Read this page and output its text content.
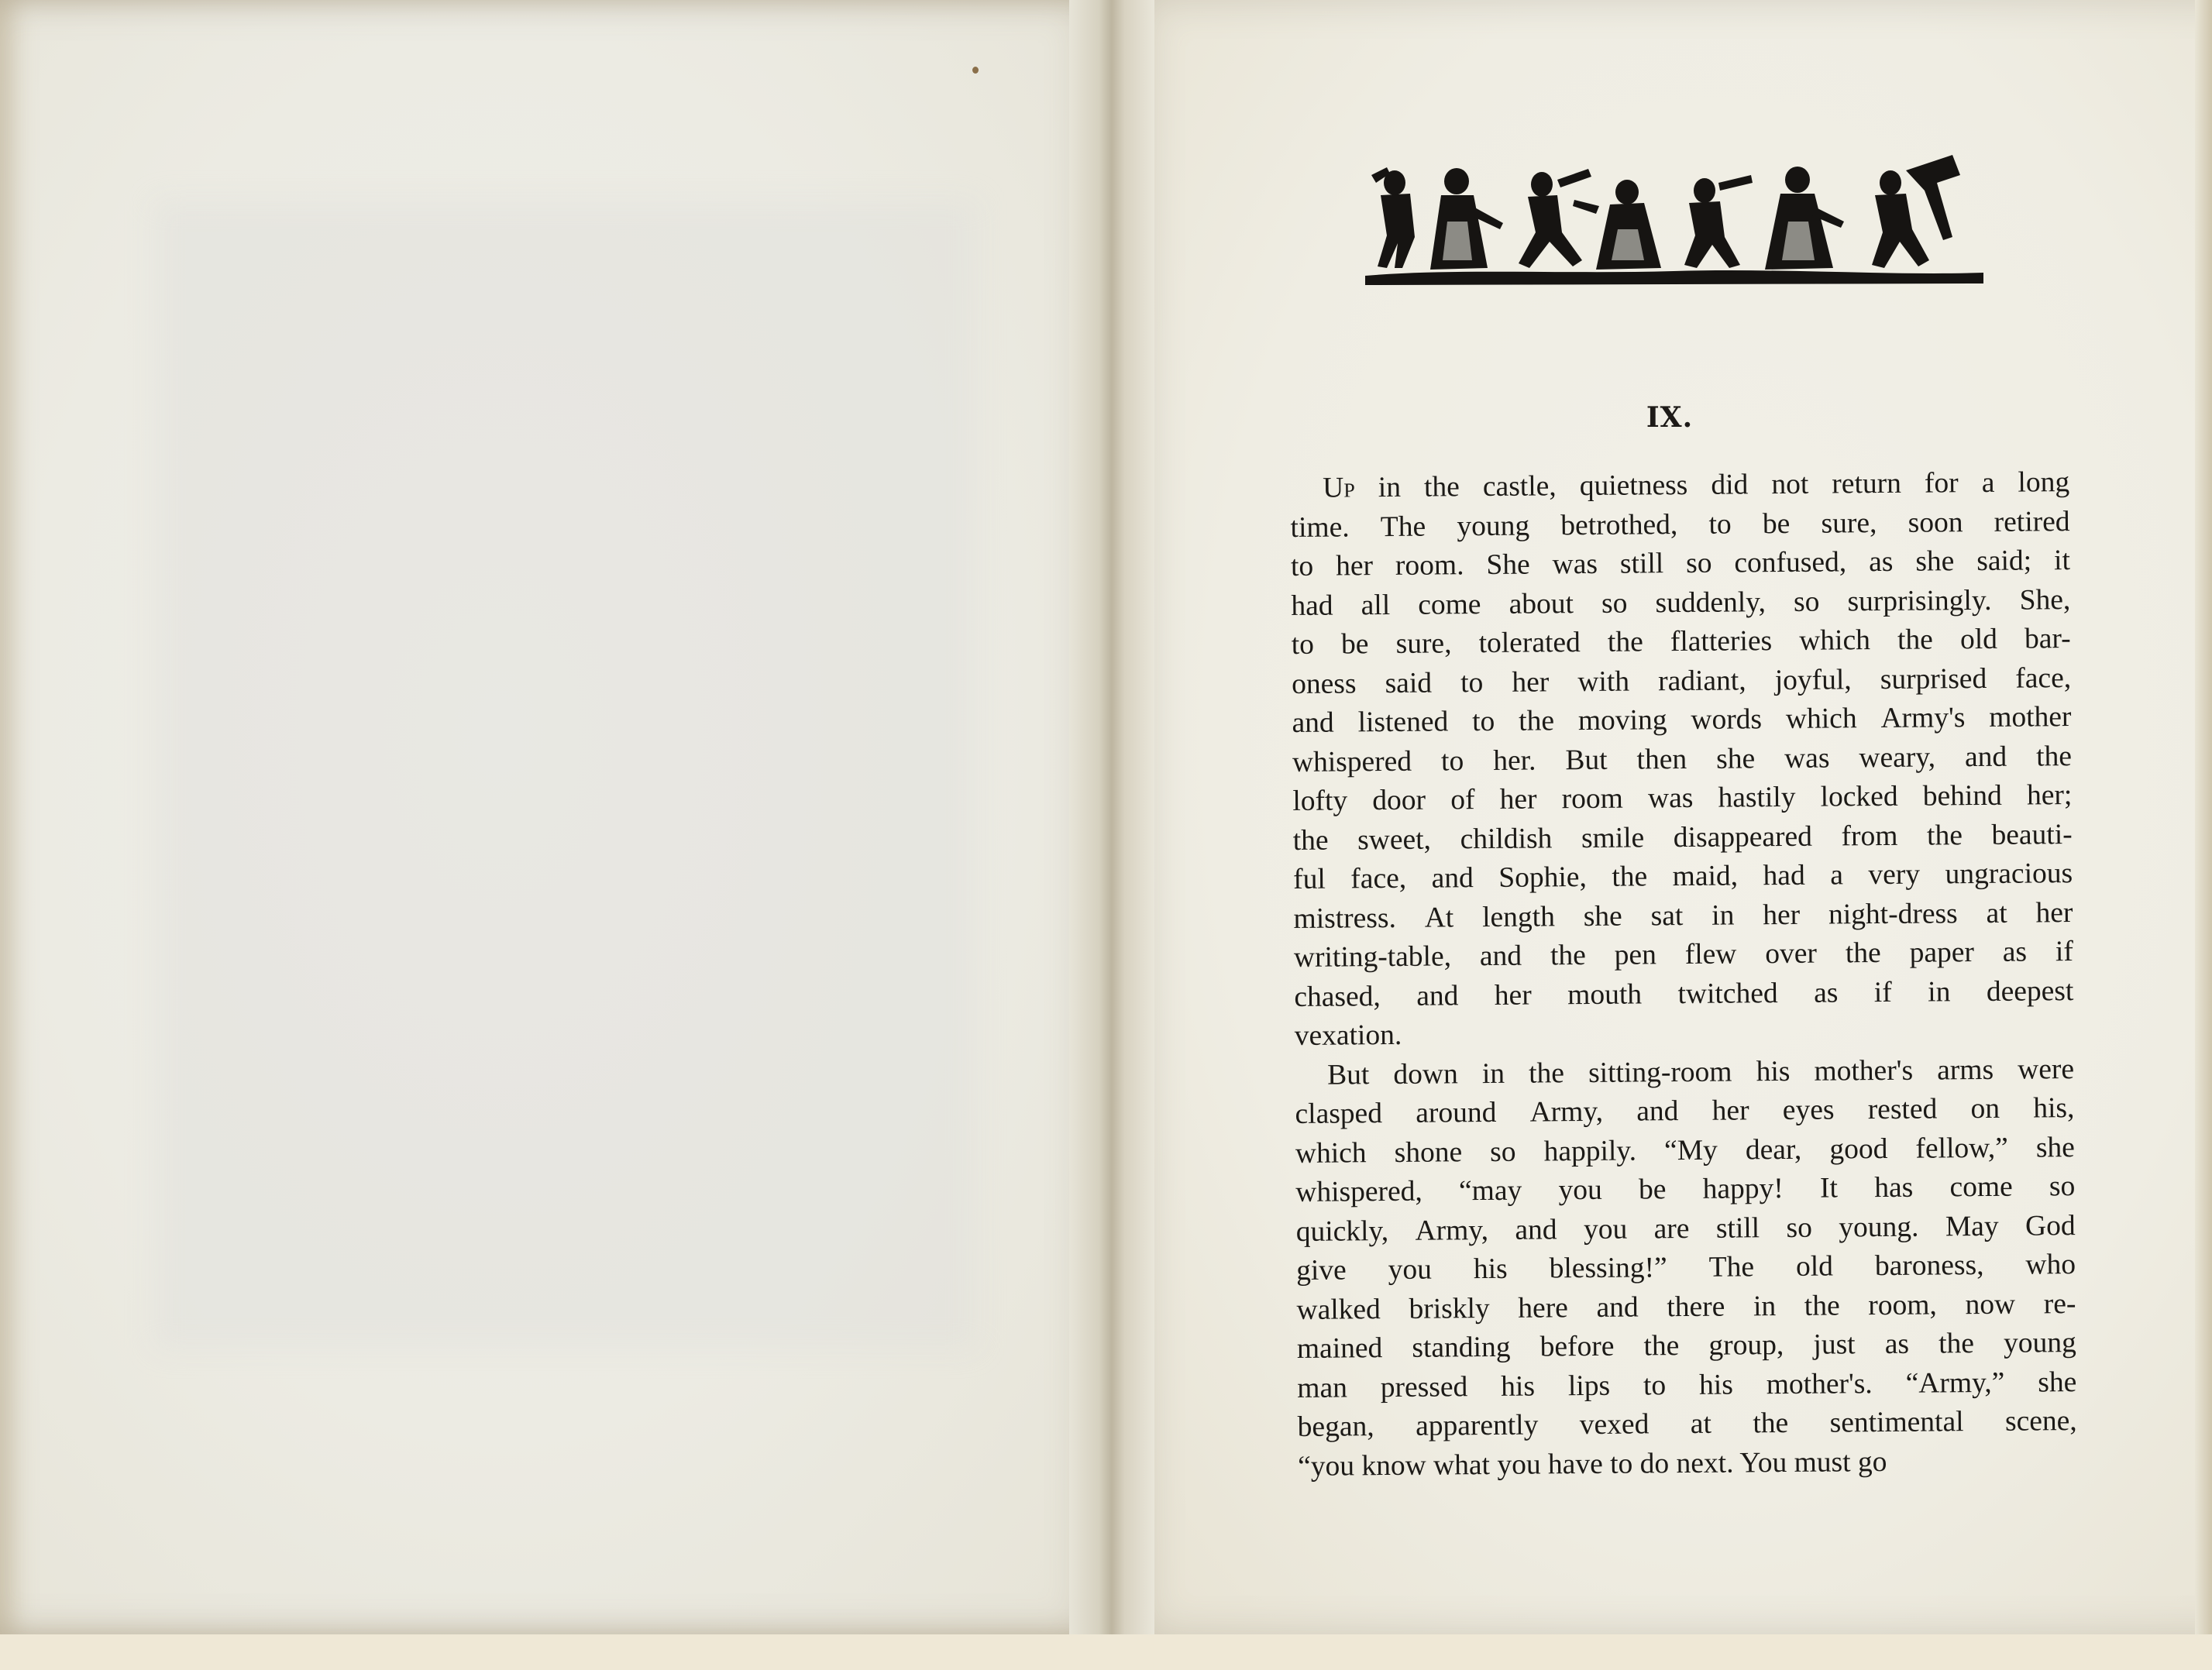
IX.
Up in the castle, quietness did not return for a long
time. The young betrothed, to be sure, soon retired
to her room. She was still so confused, as she said; it
had all come about so suddenly, so surprisingly. She,
to be sure, tolerated the flatteries which the old bar-
oness said to her with radiant, joyful, surprised face,
and listened to the moving words which Army's mother
whispered to her. But then she was weary, and the
lofty door of her room was hastily locked behind her;
the sweet, childish smile disappeared from the beauti-
ful face, and Sophie, the maid, had a very ungracious
mistress. At length she sat in her night-dress at her
writing-table, and the pen flew over the paper as if
chased, and her mouth twitched as if in deepest
vexation.
But down in the sitting-room his mother's arms were
clasped around Army, and her eyes rested on his,
which shone so happily. “My dear, good fellow,” she
whispered, “may you be happy! It has come so
quickly, Army, and you are still so young. May God
give you his blessing!” The old baroness, who
walked briskly here and there in the room, now re-
mained standing before the group, just as the young
man pressed his lips to his mother's. “Army,” she
began, apparently vexed at the sentimental scene,
“you know what you have to do next. You must go
